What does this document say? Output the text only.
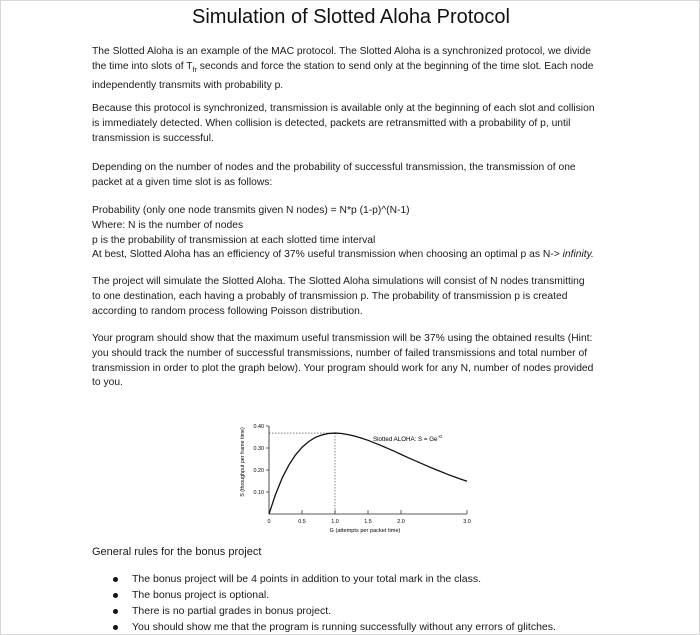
Simulation of Slotted Aloha Protocol

The Slotted Aloha is an example of the MAC protocol. The Slotted Aloha is a synchronized protocol, we divide
the time into slots of $T_{fr}$ seconds and force the station to send only at the beginning of the time slot. Each node
independently transmits with probability p.

Because this protocol is synchronized, transmission is available only at the beginning of each slot and collision
is immediately detected. When collision is detected, packets are retransmitted with a probability of p, until
transmission is successful.

Depending on the number of nodes and the probability of successful transmission, the transmission of one
packet at a given time slot is as follows:

Probability (only one node transmits given N nodes) = N*p (1-p)^(N-1)
Where: N is the number of nodes
p is the probability of transmission at each slotted time interval
At best, Slotted Aloha has an efficiency of 37% useful transmission when choosing an optimal p as N-> infinity.

The project will simulate the Slotted Aloha. The Slotted Aloha simulations will consist of N nodes transmitting
to one destination, each having a probably of transmission p. The probability of transmission p is created
according to random process following Poisson distribution.

Your program should show that the maximum useful transmission will be 37% using the obtained results (Hint:
you should track the number of successful transmissions, number of failed transmissions and total number of
transmission in order to plot the graph below). Your program should work for any N, number of nodes provided
to you.

S (throughput per frame time)
0.40
0.30
0.20
0.10
0	0.5	1.0	1.5	2.0	3.0
Slotted ALOHA: $S = Ge^{-G}$
G (attempts per packet time)
General rules for the bonus project
The bonus project will be 4 points in addition to your total mark in the class.
The bonus project is optional.
There is no partial grades in bonus project.
You should show me that the program is running successfully without any errors of glitches.
